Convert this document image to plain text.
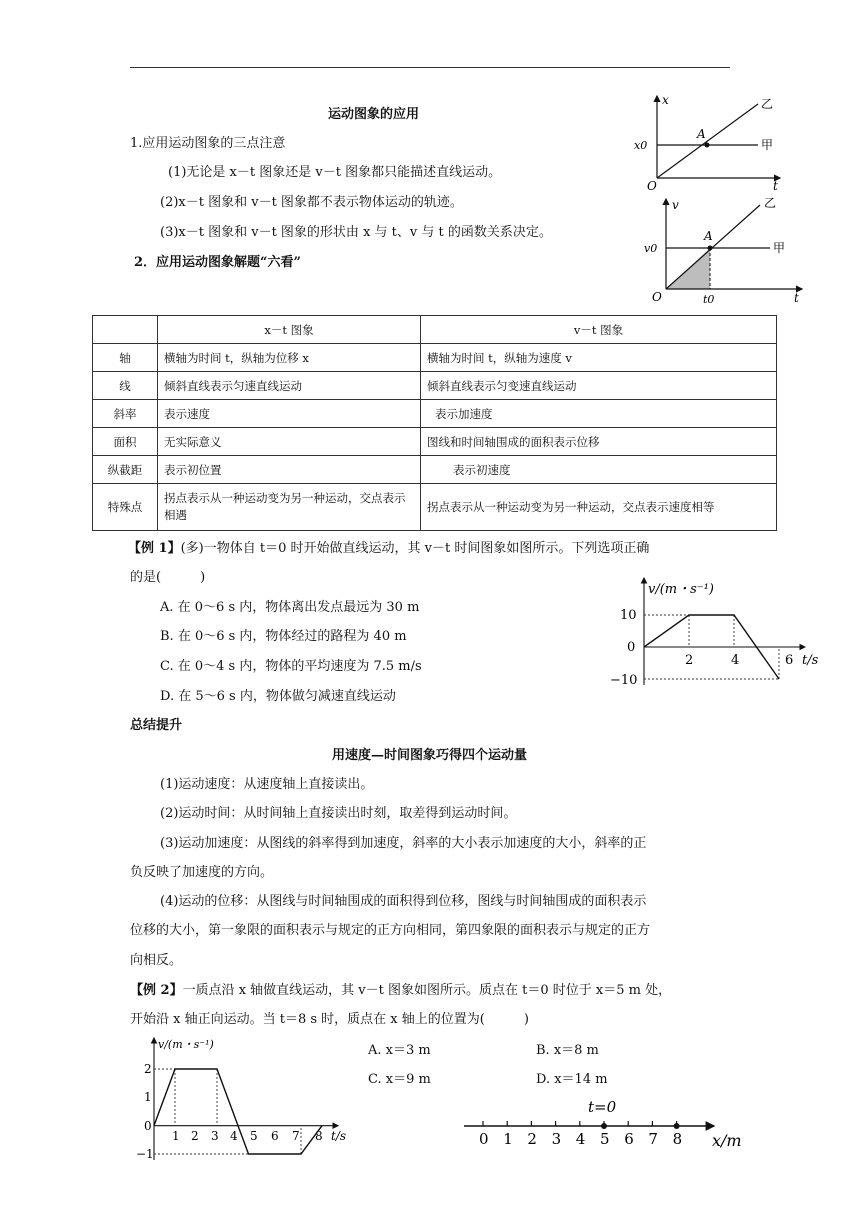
运动图象的应用
1.应用运动图象的三点注意
(1)无论是 x－t 图象还是 v－t 图象都只能描述直线运动。
(2)x－t 图象和 v－t 图象都不表示物体运动的轨迹。
(3)x－t 图象和 v－t 图象的形状由 x 与 t、v 与 t 的函数关系决定。
2．应用运动图象解题“六看”
x
t
O
x0
A
甲
乙
v
t
O
v0
t0
A
甲
乙
	x－t 图象	v－t 图象
轴	横轴为时间 t，纵轴为位移 x	横轴为时间 t，纵轴为速度 v
线	倾斜直线表示匀速直线运动	倾斜直线表示匀变速直线运动
斜率	表示速度	表示加速度
面积	无实际意义	图线和时间轴围成的面积表示位移
纵截距	表示初位置	表示初速度
特殊点	拐点表示从一种运动变为另一种运动，交点表示相遇	拐点表示从一种运动变为另一种运动，交点表示速度相等
【例 1】(多)一物体自 t＝0 时开始做直线运动，其 v－t 时间图象如图所示。下列选项正确
的是(　　　)
A. 在 0～6 s 内，物体离出发点最远为 30 m
B. 在 0～6 s 内，物体经过的路程为 40 m
C. 在 0～4 s 内，物体的平均速度为 7.5 m/s
D. 在 5～6 s 内，物体做匀减速直线运动
v/(m・s⁻¹)
t/s
10
0
−10
2	4	6
总结提升
用速度—时间图象巧得四个运动量
(1)运动速度：从速度轴上直接读出。
(2)运动时间：从时间轴上直接读出时刻，取差得到运动时间。
(3)运动加速度：从图线的斜率得到加速度，斜率的大小表示加速度的大小，斜率的正
负反映了加速度的方向。
(4)运动的位移：从图线与时间轴围成的面积得到位移，图线与时间轴围成的面积表示
位移的大小，第一象限的面积表示与规定的正方向相同，第四象限的面积表示与规定的正方
向相反。
【例 2】一质点沿 x 轴做直线运动，其 v－t 图象如图所示。质点在 t＝0 时位于 x＝5 m 处，
开始沿 x 轴正向运动。当 t＝8 s 时，质点在 x 轴上的位置为(　　　)
A. x＝3 m	B. x＝8 m
C. x＝9 m	D. x＝14 m
v/(m・s⁻¹)
t/s
2
1
0
−1
1 2 3 4 5 6 7 8
t=0
x/m
0 1 2 3 4 5 6 7 8
